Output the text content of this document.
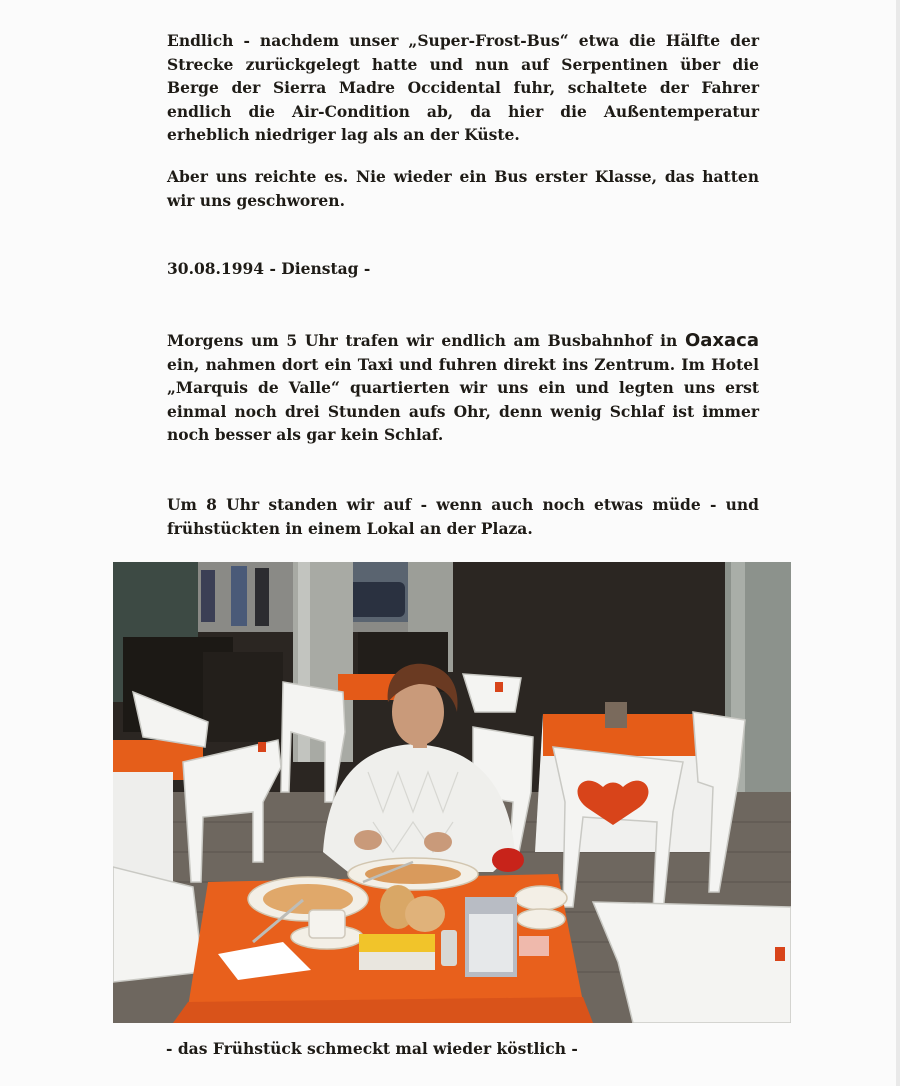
Endlich - nachdem unser „Super-Frost-Bus“ etwa die Hälfte der Strecke zurückgelegt hatte und nun auf Serpentinen über die Berge der Sierra Madre Occidental fuhr, schaltete der Fahrer endlich die Air-Condition ab, da hier die Außentemperatur erheblich niedriger lag als an der Küste.

Aber uns reichte es. Nie wieder ein Bus erster Klasse, das hatten wir uns geschworen.

30.08.1994 - Dienstag -

Morgens um 5 Uhr trafen wir endlich am Busbahnhof in Oaxaca ein, nahmen dort ein Taxi und fuhren direkt ins Zentrum. Im Hotel „Marquis de Valle“ quartierten wir uns ein und legten uns erst einmal noch drei Stunden aufs Ohr, denn wenig Schlaf ist immer noch besser als gar kein Schlaf.

Um 8 Uhr standen wir auf - wenn auch noch etwas müde - und frühstückten in einem Lokal an der Plaza.

- das Frühstück schmeckt mal wieder köstlich -
